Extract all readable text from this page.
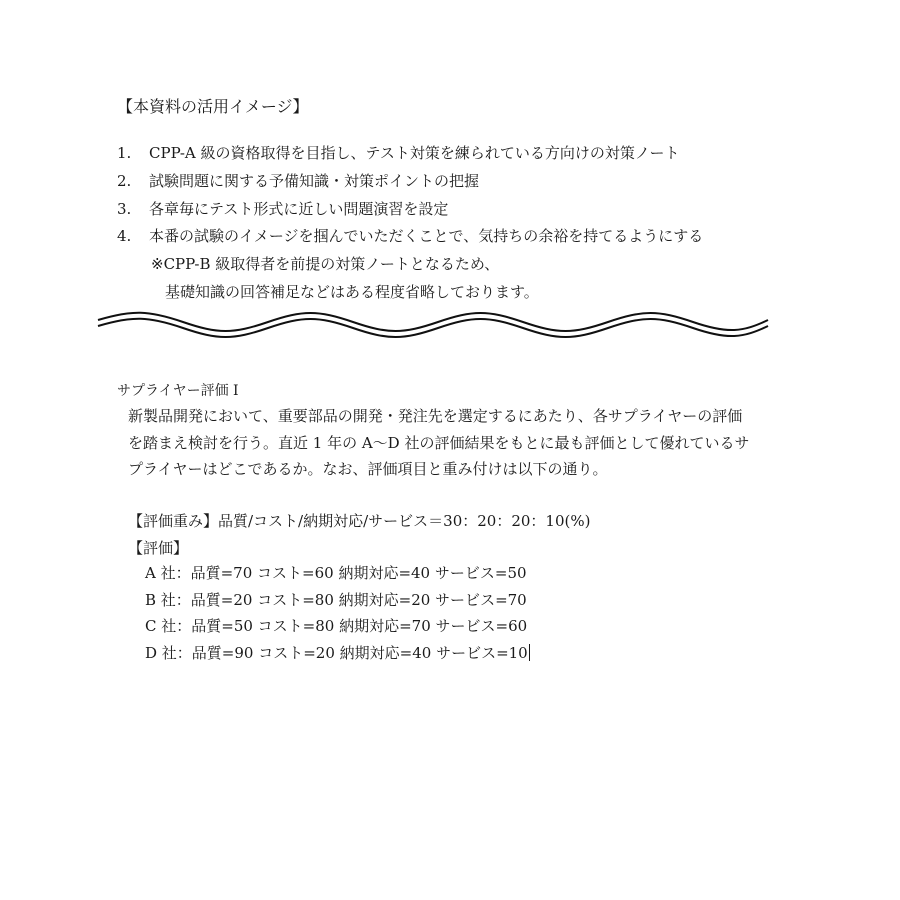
【本資料の活用イメージ】
1. CPP-A 級の資格取得を目指し、テスト対策を練られている方向けの対策ノート
2. 試験問題に関する予備知識・対策ポイントの把握
3. 各章毎にテスト形式に近しい問題演習を設定
4. 本番の試験のイメージを掴んでいただくことで、気持ちの余裕を持てるようにする
※CPP-B 級取得者を前提の対策ノートとなるため、
基礎知識の回答補足などはある程度省略しております。
サプライヤー評価 I
新製品開発において、重要部品の開発・発注先を選定するにあたり、各サプライヤーの評価
を踏まえ検討を行う。直近 1 年の A～D 社の評価結果をもとに最も評価として優れているサ
プライヤーはどこであるか。なお、評価項目と重み付けは以下の通り。
【評価重み】品質/コスト/納期対応/サービス＝30：20：20：10(%)
【評価】
A 社：品質=70 コスト=60 納期対応=40 サービス=50
B 社：品質=20 コスト=80 納期対応=20 サービス=70
C 社：品質=50 コスト=80 納期対応=70 サービス=60
D 社：品質=90 コスト=20 納期対応=40 サービス=10
